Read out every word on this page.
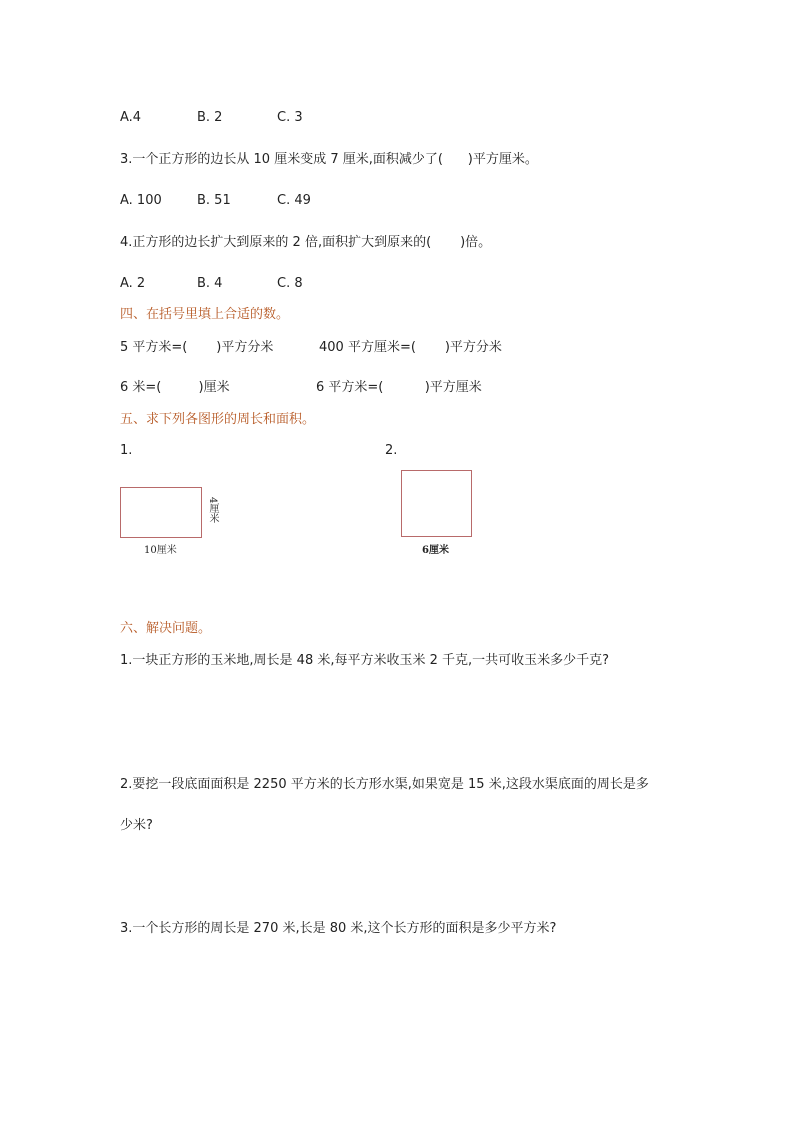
A.4	B. 2	C. 3
3.一个正方形的边长从 10 厘米变成 7 厘米,面积减少了(      )平方厘米。
A. 100	B. 51	C. 49
4.正方形的边长扩大到原来的 2 倍,面积扩大到原来的(       )倍。
A. 2	B. 4	C. 8
四、在括号里填上合适的数。
5 平方米=(       )平方分米	400 平方厘米=(       )平方分米
6 米=(         )厘米	6 平方米=(          )平方厘米
五、求下列各图形的周长和面积。
1.	2.
4厘米
10厘米	6厘米
六、解决问题。
1.一块正方形的玉米地,周长是 48 米,每平方米收玉米 2 千克,一共可收玉米多少千克?
2.要挖一段底面面积是 2250 平方米的长方形水渠,如果宽是 15 米,这段水渠底面的周长是多
少米?
3.一个长方形的周长是 270 米,长是 80 米,这个长方形的面积是多少平方米?
